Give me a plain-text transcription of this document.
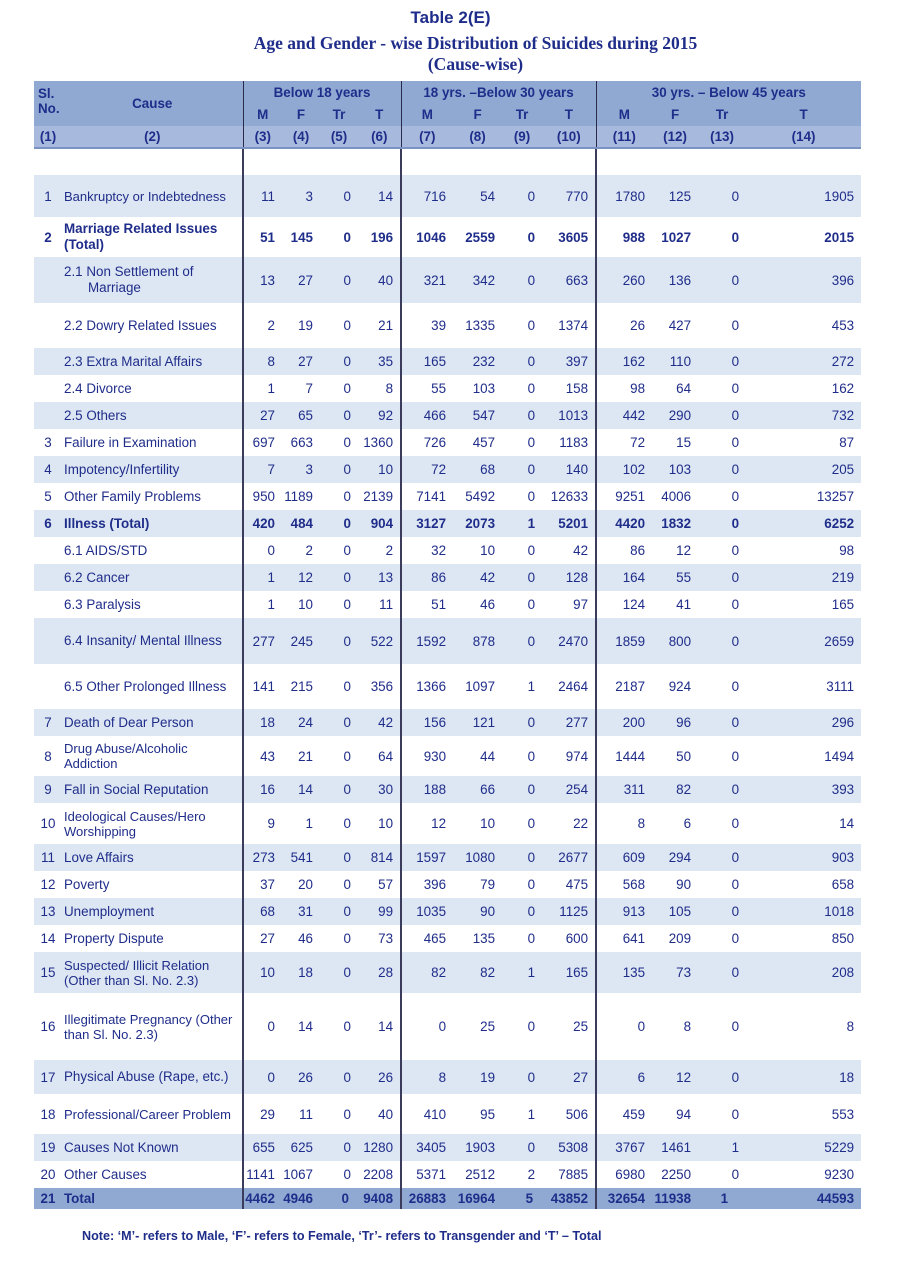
Table 2(E)
Age and Gender - wise Distribution of Suicides during 2015
(Cause-wise)
Sl. No.	Cause	Below 18 years				18 yrs. –Below 30 years				30 yrs. – Below 45 years			
		M	F	Tr	T	M	F	Tr	T	M	F	Tr	T
(1)	(2)	(3)	(4)	(5)	(6)	(7)	(8)	(9)	(10)	(11)	(12)	(13)	(14)

1	Bankruptcy or Indebtedness	11	3	0	14	716	54	0	770	1780	125	0	1905
2	Marriage Related Issues (Total)	51	145	0	196	1046	2559	0	3605	988	1027	0	2015
	2.1 Non Settlement of Marriage	13	27	0	40	321	342	0	663	260	136	0	396
	2.2 Dowry Related Issues	2	19	0	21	39	1335	0	1374	26	427	0	453
	2.3 Extra Marital Affairs	8	27	0	35	165	232	0	397	162	110	0	272
	2.4 Divorce	1	7	0	8	55	103	0	158	98	64	0	162
	2.5 Others	27	65	0	92	466	547	0	1013	442	290	0	732
3	Failure in Examination	697	663	0	1360	726	457	0	1183	72	15	0	87
4	Impotency/Infertility	7	3	0	10	72	68	0	140	102	103	0	205
5	Other Family Problems	950	1189	0	2139	7141	5492	0	12633	9251	4006	0	13257
6	Illness (Total)	420	484	0	904	3127	2073	1	5201	4420	1832	0	6252
	6.1 AIDS/STD	0	2	0	2	32	10	0	42	86	12	0	98
	6.2 Cancer	1	12	0	13	86	42	0	128	164	55	0	219
	6.3 Paralysis	1	10	0	11	51	46	0	97	124	41	0	165
	6.4 Insanity/ Mental Illness	277	245	0	522	1592	878	0	2470	1859	800	0	2659
	6.5 Other Prolonged Illness	141	215	0	356	1366	1097	1	2464	2187	924	0	3111
7	Death of Dear Person	18	24	0	42	156	121	0	277	200	96	0	296
8	Drug Abuse/Alcoholic Addiction	43	21	0	64	930	44	0	974	1444	50	0	1494
9	Fall in Social Reputation	16	14	0	30	188	66	0	254	311	82	0	393
10	Ideological Causes/Hero Worshipping	9	1	0	10	12	10	0	22	8	6	0	14
11	Love Affairs	273	541	0	814	1597	1080	0	2677	609	294	0	903
12	Poverty	37	20	0	57	396	79	0	475	568	90	0	658
13	Unemployment	68	31	0	99	1035	90	0	1125	913	105	0	1018
14	Property Dispute	27	46	0	73	465	135	0	600	641	209	0	850
15	Suspected/ Illicit Relation (Other than Sl. No. 2.3)	10	18	0	28	82	82	1	165	135	73	0	208
16	Illegitimate Pregnancy (Other than Sl. No. 2.3)	0	14	0	14	0	25	0	25	0	8	0	8
17	Physical Abuse (Rape, etc.)	0	26	0	26	8	19	0	27	6	12	0	18
18	Professional/Career Problem	29	11	0	40	410	95	1	506	459	94	0	553
19	Causes Not Known	655	625	0	1280	3405	1903	0	5308	3767	1461	1	5229
20	Other Causes	1141	1067	0	2208	5371	2512	2	7885	6980	2250	0	9230
21	Total	4462	4946	0	9408	26883	16964	5	43852	32654	11938	1	44593
Note: ‘M’- refers to Male, ‘F’- refers to Female, ‘Tr’- refers to Transgender and ‘T’ – Total
